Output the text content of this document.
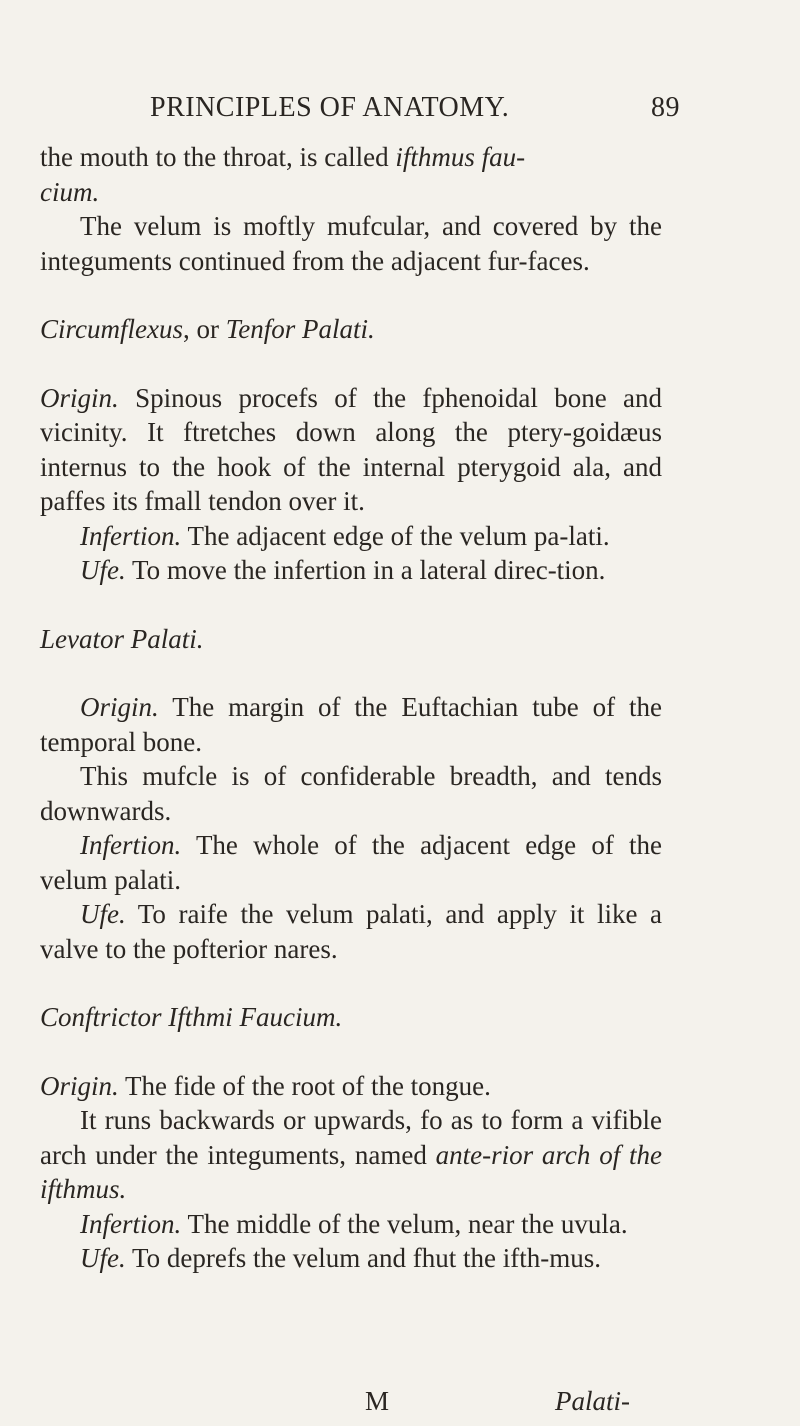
PRINCIPLES OF ANATOMY.	89

the mouth to the throat, is called ifthmus fau-
cium.

The velum is moftly mufcular, and covered by the integuments continued from the adjacent fur-faces.

Circumflexus, or Tenfor Palati.

Origin. Spinous procefs of the fphenoidal bone and vicinity. It ftretches down along the ptery-goidæus internus to the hook of the internal pterygoid ala, and paffes its fmall tendon over it.

Infertion. The adjacent edge of the velum pa-lati.

Ufe. To move the infertion in a lateral direc-tion.

Levator Palati.

Origin. The margin of the Euftachian tube of the temporal bone.

This mufcle is of confiderable breadth, and tends downwards.

Infertion. The whole of the adjacent edge of the velum palati.

Ufe. To raife the velum palati, and apply it like a valve to the pofterior nares.

Conftrictor Ifthmi Faucium.

Origin. The fide of the root of the tongue.

It runs backwards or upwards, fo as to form a vifible arch under the integuments, named ante-rior arch of the ifthmus.

Infertion. The middle of the velum, near the uvula.

Ufe. To deprefs the velum and fhut the ifth-mus.

M	Palati-
